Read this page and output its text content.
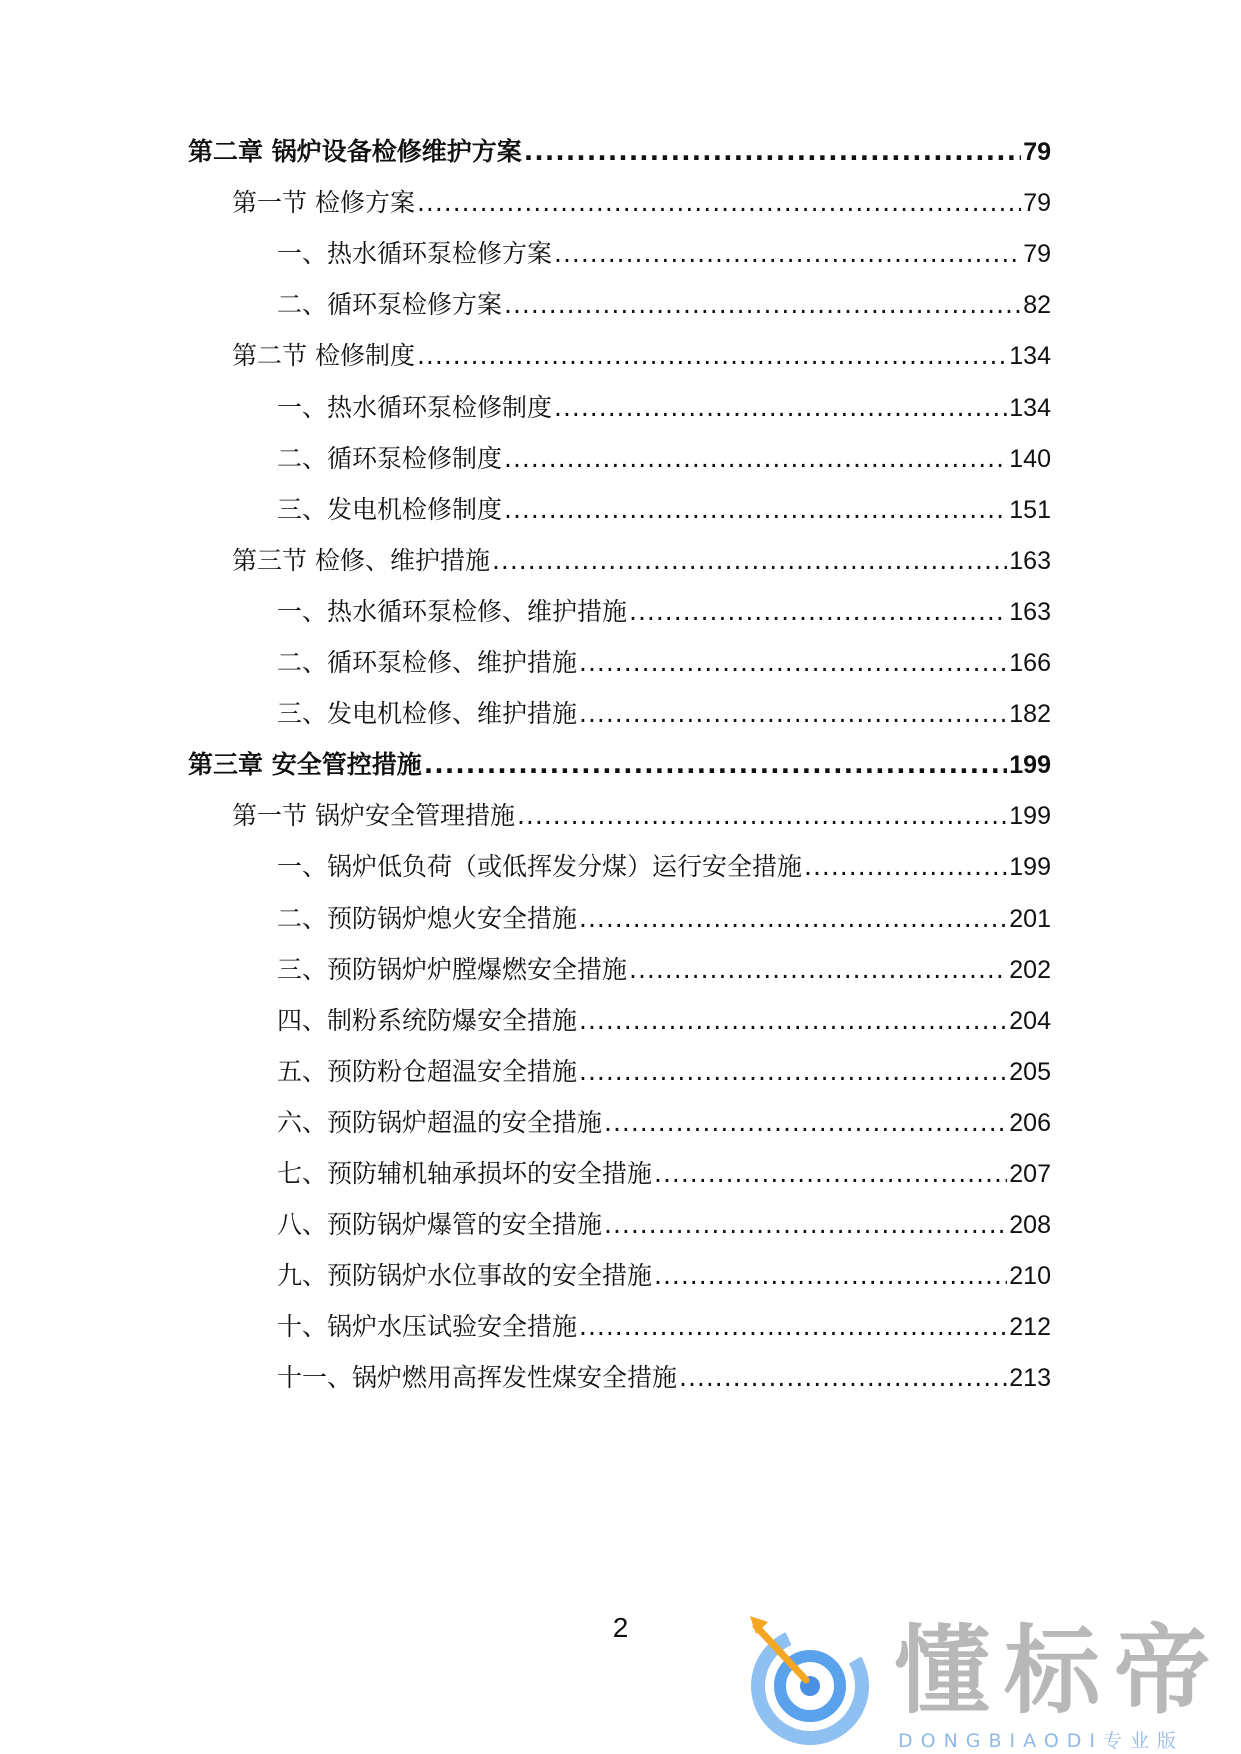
第二章 锅炉设备检修维护方案 .....	79
第一节 检修方案 .....	79
一、热水循环泵检修方案 .....	79
二、循环泵检修方案 .....	82
第二节 检修制度 .....	134
一、热水循环泵检修制度 .....	134
二、循环泵检修制度 .....	140
三、发电机检修制度 .....	151
第三节 检修、维护措施 .....	163
一、热水循环泵检修、维护措施 .....	163
二、循环泵检修、维护措施 .....	166
三、发电机检修、维护措施 .....	182
第三章 安全管控措施 .....	199
第一节 锅炉安全管理措施 .....	199
一、锅炉低负荷（或低挥发分煤）运行安全措施 .....	199
二、预防锅炉熄火安全措施 .....	201
三、预防锅炉炉膛爆燃安全措施 .....	202
四、制粉系统防爆安全措施 .....	204
五、预防粉仓超温安全措施 .....	205
六、预防锅炉超温的安全措施 .....	206
七、预防辅机轴承损坏的安全措施 .....	207
八、预防锅炉爆管的安全措施 .....	208
九、预防锅炉水位事故的安全措施 .....	210
十、锅炉水压试验安全措施 .....	212
十一、锅炉燃用高挥发性煤安全措施 .....	213
2	懂标帝
DONGBIAODI专业版
